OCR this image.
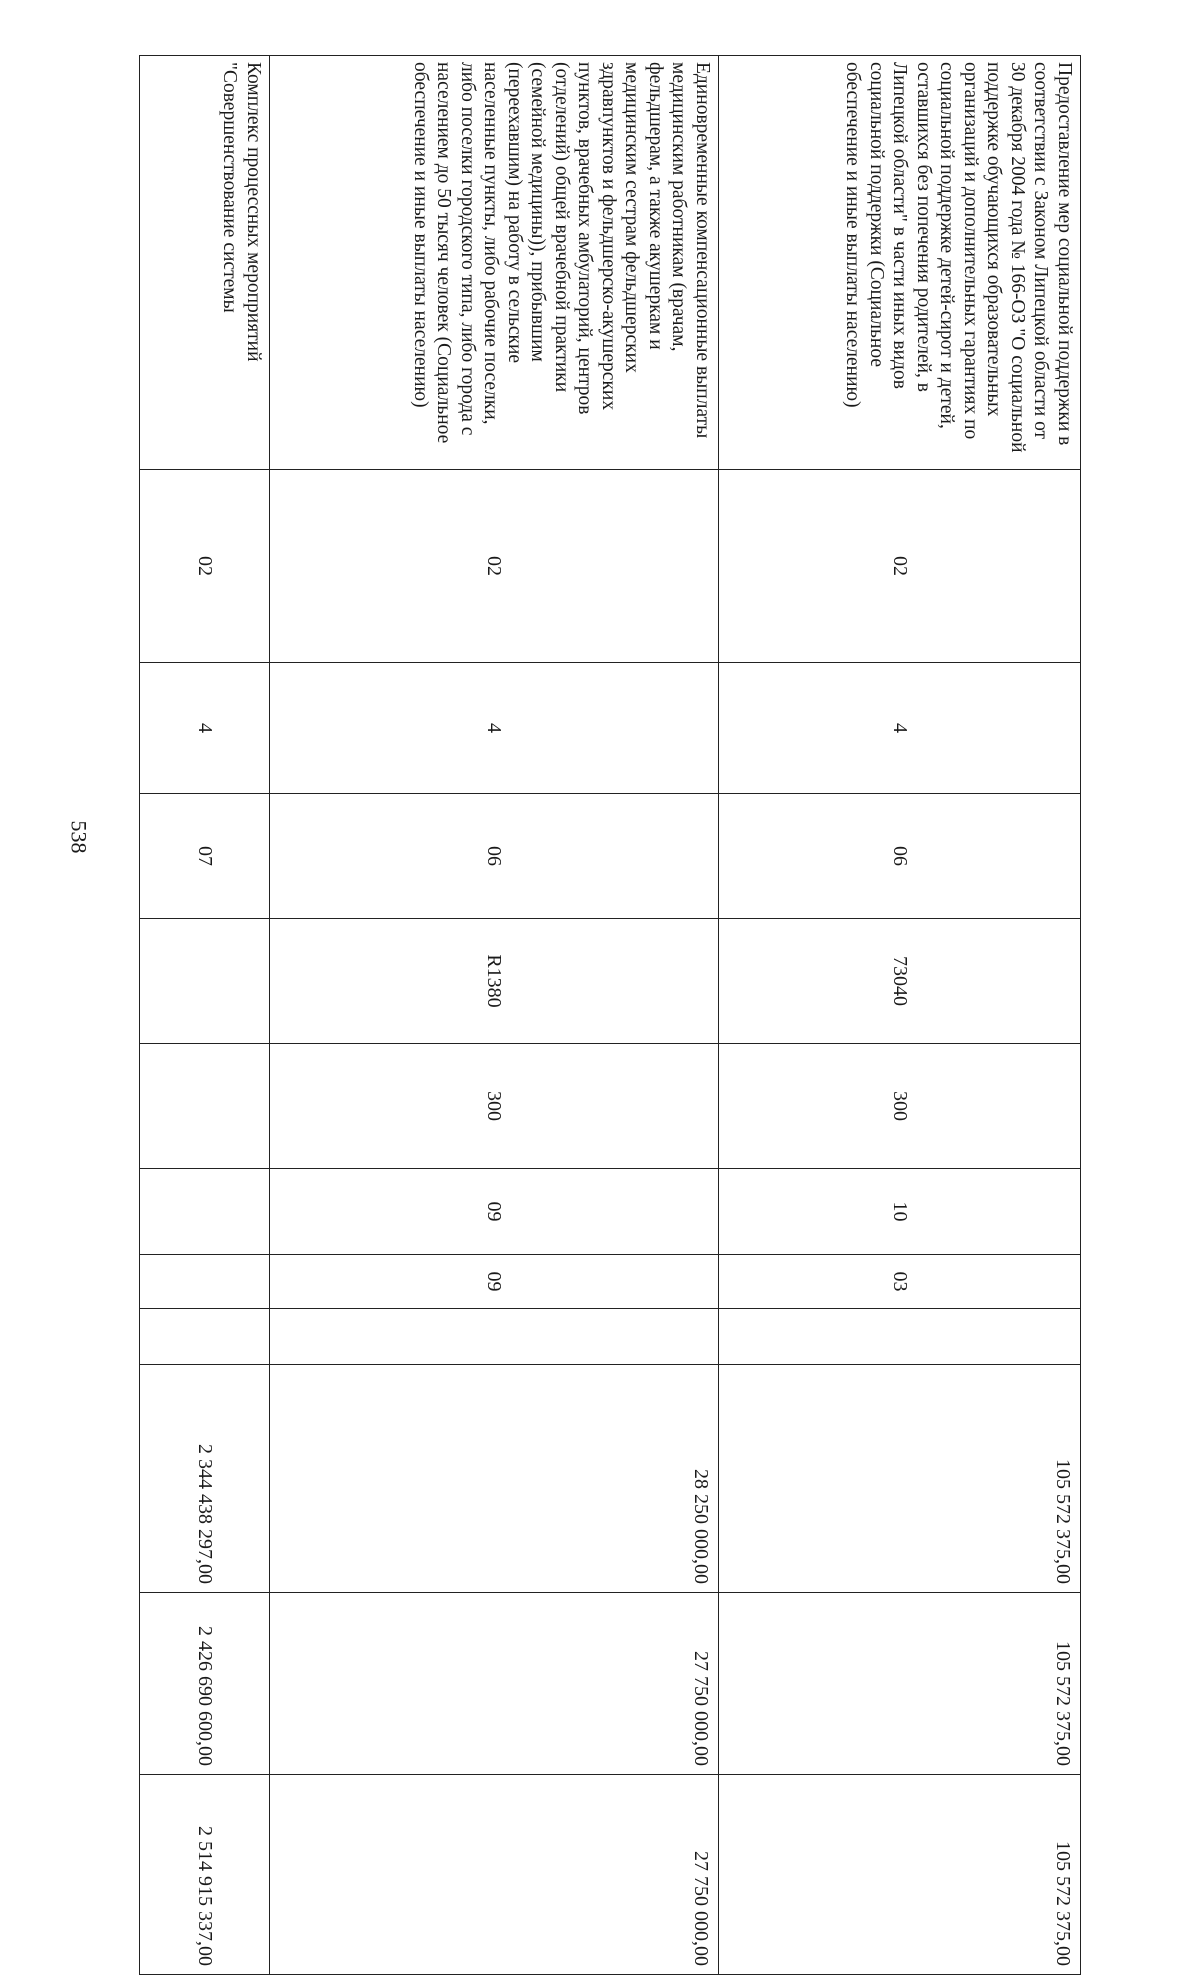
538
Предоставление мер социальной поддержки в соответствии с Законом Липецкой области от 30 декабря 2004 года № 166-ОЗ "О социальной поддержке обучающихся образовательных организаций и дополнительных гарантиях по социальной поддержке детей-сирот и детей, оставшихся без попечения родителей, в Липецкой области" в части иных видов социальной поддержки (Социальное обеспечение и иные выплаты населению)	02	4	06	73040	300	10	03		105 572 375,00	105 572 375,00	105 572 375,00
Единовременные компенсационные выплаты медицинским работникам (врачам, фельдшерам, а также акушеркам и медицинским сестрам фельдшерских здравпунктов и фельдшерско-акушерских пунктов, врачебных амбулаторий, центров (отделений) общей врачебной практики (семейной медицины)), прибывшим (переехавшим) на работу в сельские населенные пункты, либо рабочие поселки, либо поселки городского типа, либо города с населением до 50 тысяч человек (Социальное обеспечение и иные выплаты населению)	02	4	06	R1380	300	09	09		28 250 000,00	27 750 000,00	27 750 000,00
Комплекс процессных мероприятий "Совершенствование системы	02	4	07						2 344 438 297,00	2 426 690 600,00	2 514 915 337,00
